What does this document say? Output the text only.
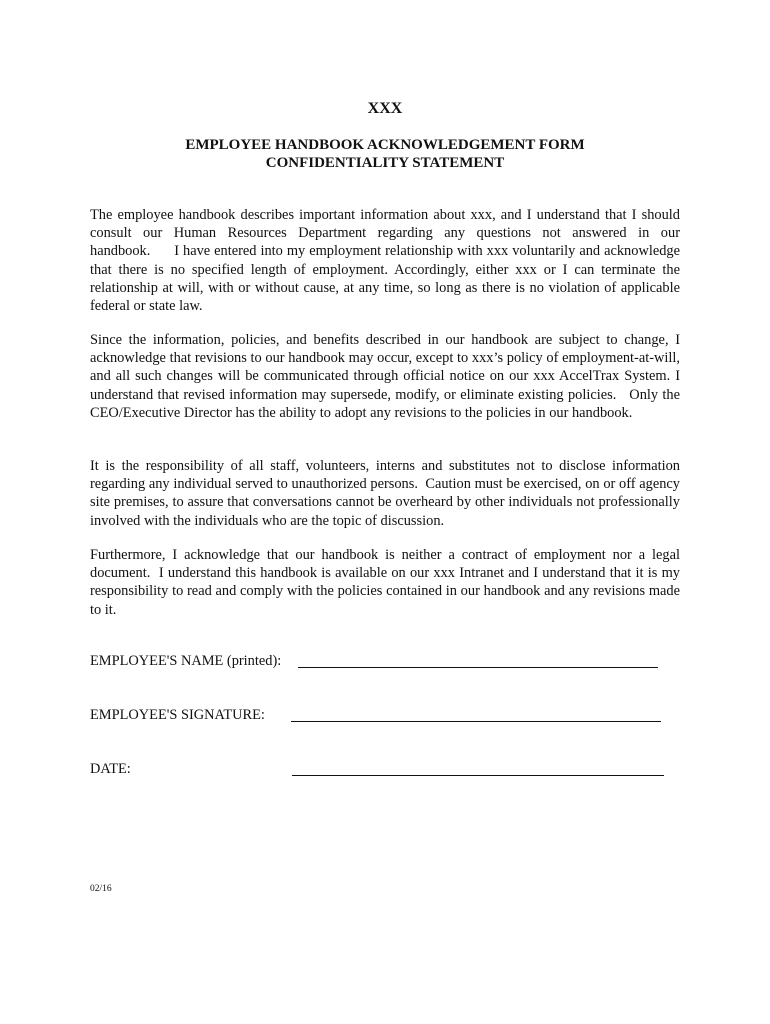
XXX
EMPLOYEE HANDBOOK ACKNOWLEDGEMENT FORM
CONFIDENTIALITY STATEMENT

The employee handbook describes important information about xxx, and I understand that I should consult our Human Resources Department regarding any questions not answered in our handbook.      I have entered into my employment relationship with xxx voluntarily and acknowledge that there is no specified length of employment. Accordingly, either xxx or I can terminate the relationship at will, with or without cause, at any time, so long as there is no violation of applicable federal or state law.

Since the information, policies, and benefits described in our handbook are subject to change, I acknowledge that revisions to our handbook may occur, except to xxx’s policy of employment-at-will, and all such changes will be communicated through official notice on our xxx AccelTrax System. I understand that revised information may supersede, modify, or eliminate existing policies.   Only the CEO/Executive Director has the ability to adopt any revisions to the policies in our handbook.

It is the responsibility of all staff, volunteers, interns and substitutes not to disclose information regarding any individual served to unauthorized persons.  Caution must be exercised, on or off agency site premises, to assure that conversations cannot be overheard by other individuals not professionally involved with the individuals who are the topic of discussion.

Furthermore, I acknowledge that our handbook is neither a contract of employment nor a legal document.  I understand this handbook is available on our xxx Intranet and I understand that it is my responsibility to read and comply with the policies contained in our handbook and any revisions made to it.

EMPLOYEE'S NAME (printed):
EMPLOYEE'S SIGNATURE:
DATE:
02/16
